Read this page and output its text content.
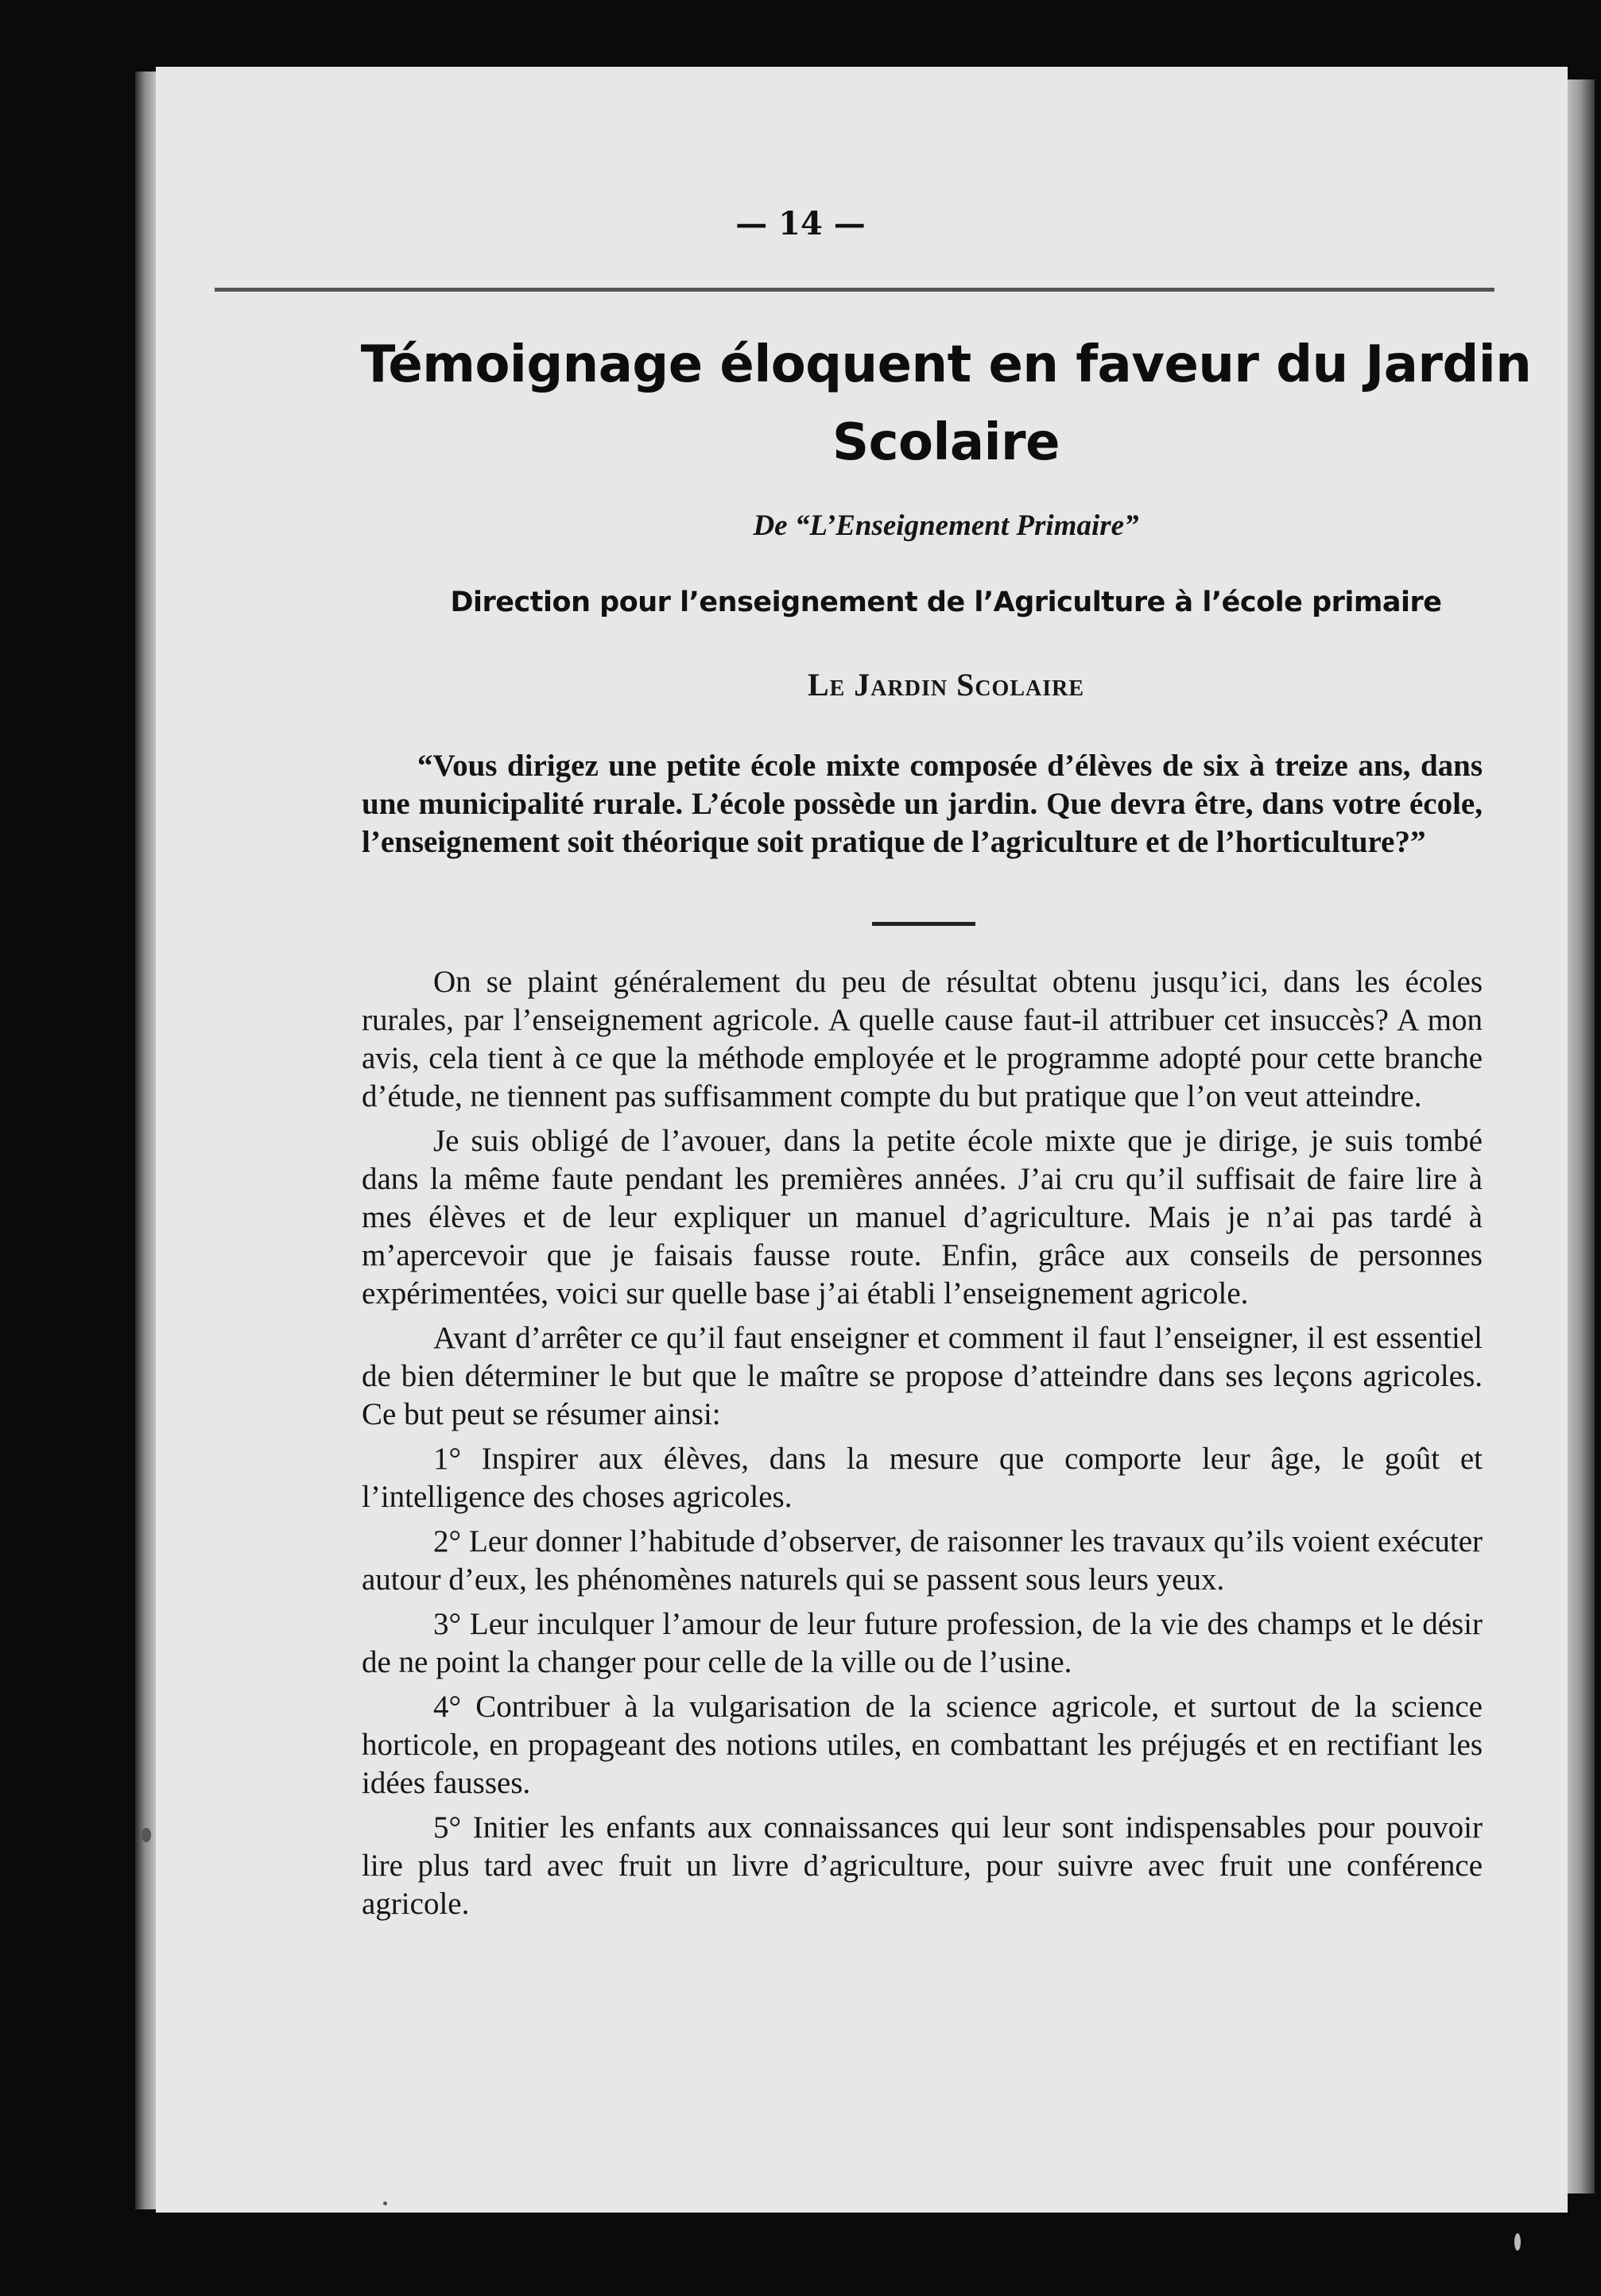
— 14 —
Témoignage éloquent en faveur du Jardin Scolaire
De “L’Enseignement Primaire”
Direction pour l’enseignement de l’Agriculture à l’école primaire
Le Jardin Scolaire
“Vous dirigez une petite école mixte composée d’élèves de six à treize ans, dans une municipalité rurale. L’école possède un jardin. Que devra être, dans votre école, l’enseignement soit théorique soit pratique de l’agriculture et de l’horticulture?”

On se plaint généralement du peu de résultat obtenu jusqu’ici, dans les écoles rurales, par l’enseignement agricole. A quelle cause faut-il attribuer cet insuccès? A mon avis, cela tient à ce que la méthode employée et le programme adopté pour cette branche d’étude, ne tiennent pas suffisamment compte du but pratique que l’on veut atteindre.

Je suis obligé de l’avouer, dans la petite école mixte que je dirige, je suis tombé dans la même faute pendant les premières années. J’ai cru qu’il suffisait de faire lire à mes élèves et de leur expliquer un manuel d’agriculture. Mais je n’ai pas tardé à m’apercevoir que je faisais fausse route. Enfin, grâce aux conseils de personnes expérimentées, voici sur quelle base j’ai établi l’enseignement agricole.

Avant d’arrêter ce qu’il faut enseigner et comment il faut l’enseigner, il est essentiel de bien déterminer le but que le maître se propose d’atteindre dans ses leçons agricoles. Ce but peut se résumer ainsi:

1° Inspirer aux élèves, dans la mesure que comporte leur âge, le goût et l’intelligence des choses agricoles.

2° Leur donner l’habitude d’observer, de raisonner les travaux qu’ils voient exécuter autour d’eux, les phénomènes naturels qui se passent sous leurs yeux.

3° Leur inculquer l’amour de leur future profession, de la vie des champs et le désir de ne point la changer pour celle de la ville ou de l’usine.

4° Contribuer à la vulgarisation de la science agricole, et surtout de la science horticole, en propageant des notions utiles, en combattant les préjugés et en rectifiant les idées fausses.

5° Initier les enfants aux connaissances qui leur sont indispensables pour pouvoir lire plus tard avec fruit un livre d’agriculture, pour suivre avec fruit une conférence agricole.
